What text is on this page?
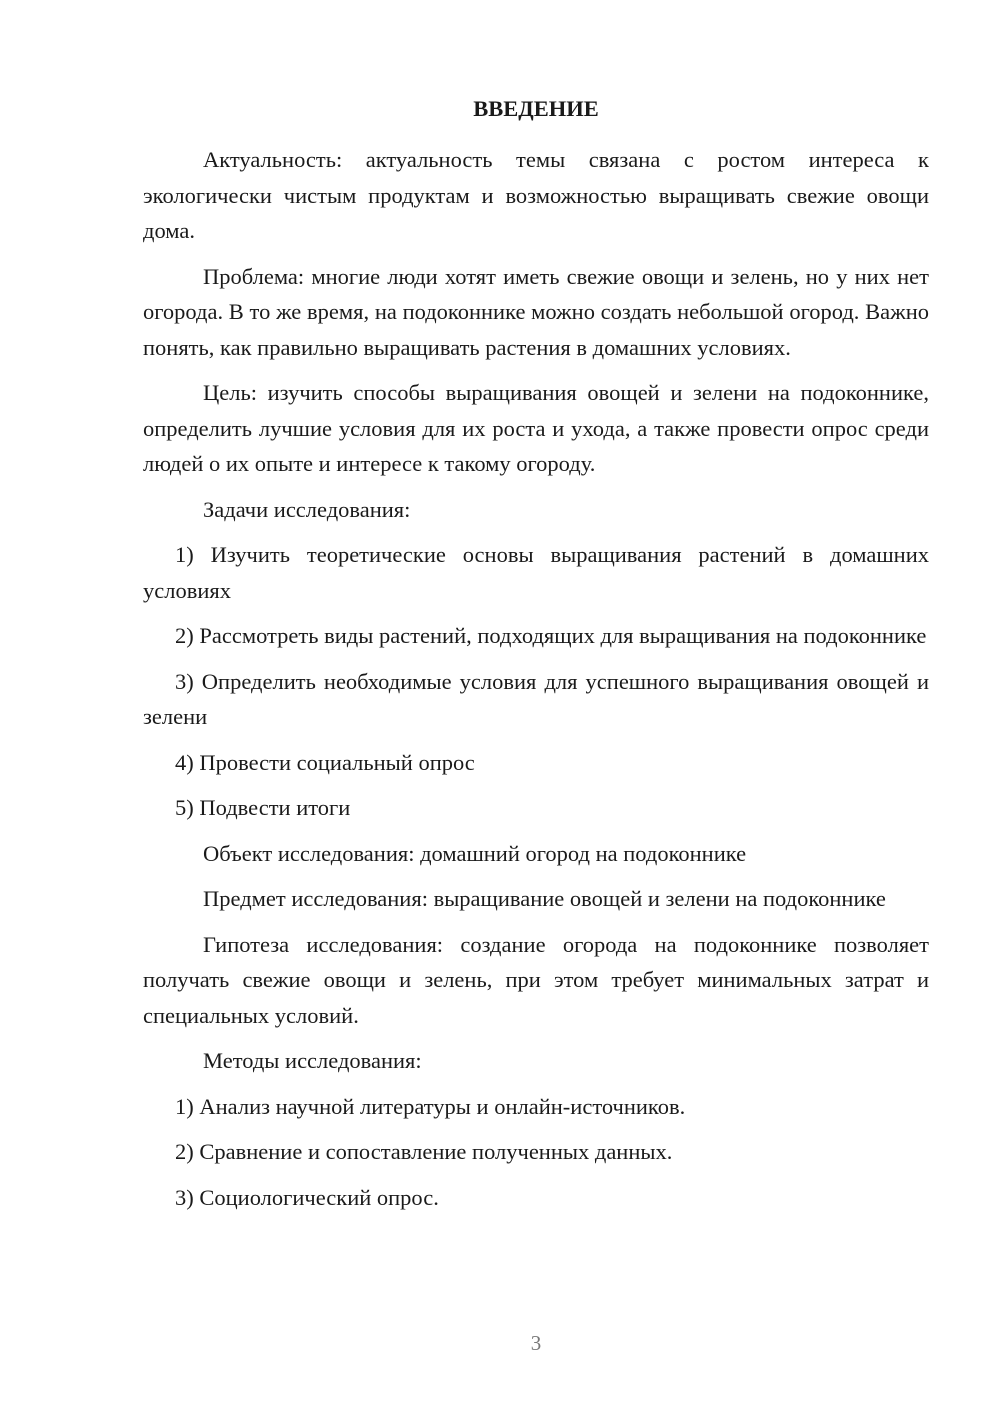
ВВЕДЕНИЕ

Актуальность: актуальность темы связана с ростом интереса к экологически чистым продуктам и возможностью выращивать свежие овощи дома.

Проблема: многие люди хотят иметь свежие овощи и зелень, но у них нет огорода. В то же время, на подоконнике можно создать небольшой огород. Важно понять, как правильно выращивать растения в домашних условиях.

Цель: изучить способы выращивания овощей и зелени на подоконнике, определить лучшие условия для их роста и ухода, а также провести опрос среди людей о их опыте и интересе к такому огороду.

Задачи исследования:

1) Изучить теоретические основы выращивания растений в домашних условиях

2) Рассмотреть виды растений, подходящих для выращивания на подоконнике

3) Определить необходимые условия для успешного выращивания овощей и зелени

4) Провести социальный опрос

5) Подвести итоги

Объект исследования: домашний огород на подоконнике

Предмет исследования: выращивание овощей и зелени на подоконнике

Гипотеза исследования: создание огорода на подоконнике позволяет получать свежие овощи и зелень, при этом требует минимальных затрат и специальных условий.

Методы исследования:

1) Анализ научной литературы и онлайн-источников.

2) Сравнение и сопоставление полученных данных.

3) Социологический опрос.

3
